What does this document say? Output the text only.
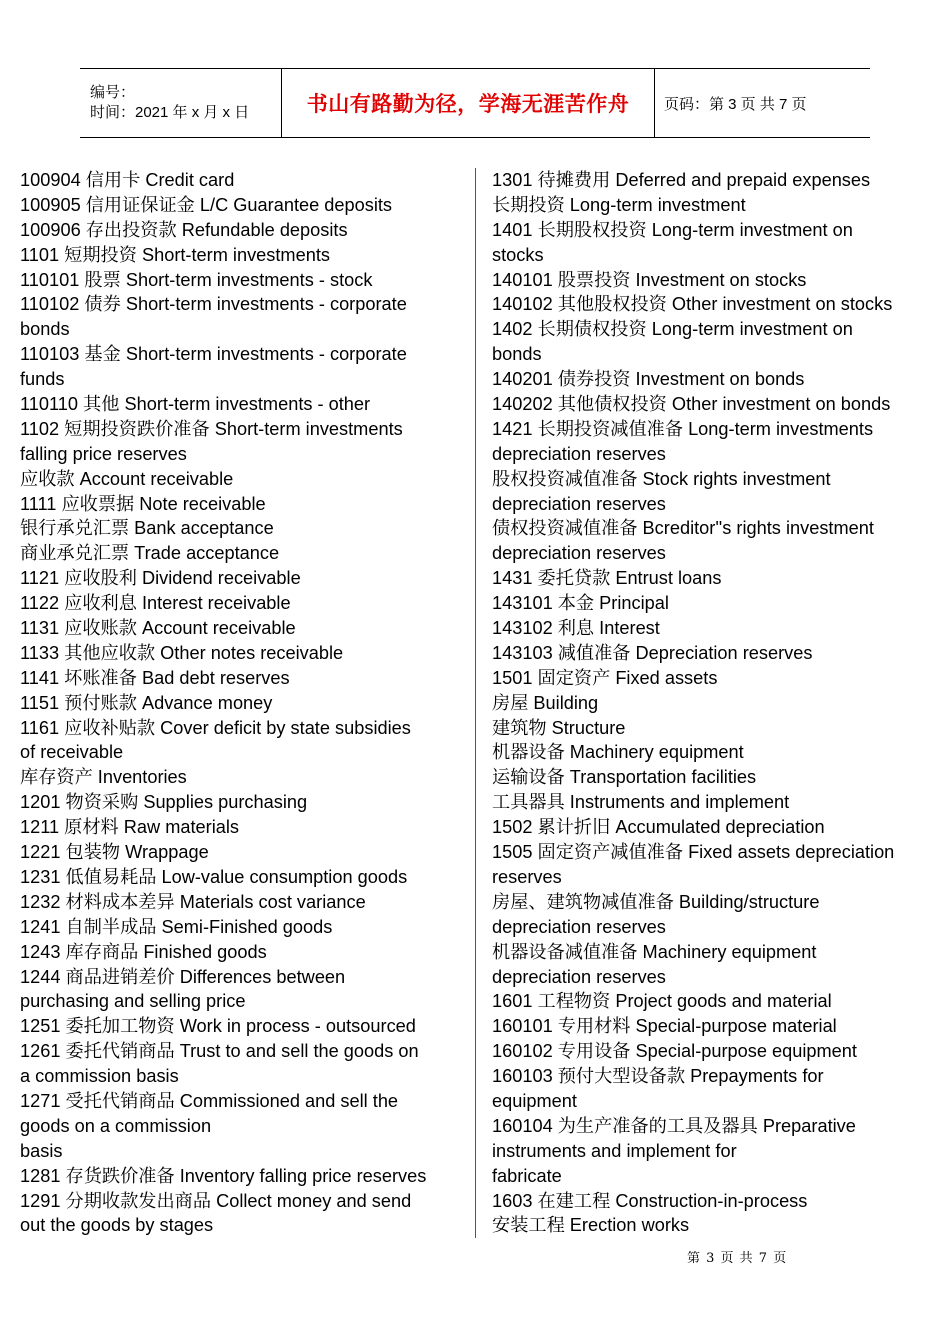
编号：
时间：2021 年 x 月 x 日	书山有路勤为径，学海无涯苦作舟 页码：第 3 页 共 7 页
100904 信用卡 Credit card
100905 信用证保证金 L/C Guarantee deposits
100906 存出投资款 Refundable deposits
1101 短期投资 Short-term investments
110101 股票 Short-term investments - stock
110102 债券 Short-term investments - corporate
bonds
110103 基金 Short-term investments - corporate
funds
110110 其他 Short-term investments - other
1102 短期投资跌价准备 Short-term investments
falling price reserves
应收款 Account receivable
1111 应收票据 Note receivable
银行承兑汇票 Bank acceptance
商业承兑汇票 Trade acceptance
1121 应收股利 Dividend receivable
1122 应收利息 Interest receivable
1131 应收账款 Account receivable
1133 其他应收款 Other notes receivable
1141 坏账准备 Bad debt reserves
1151 预付账款 Advance money
1161 应收补贴款 Cover deficit by state subsidies
of receivable
库存资产 Inventories
1201 物资采购 Supplies purchasing
1211 原材料 Raw materials
1221 包装物 Wrappage
1231 低值易耗品 Low-value consumption goods
1232 材料成本差异 Materials cost variance
1241 自制半成品 Semi-Finished goods
1243 库存商品 Finished goods
1244 商品进销差价 Differences between
purchasing and selling price
1251 委托加工物资 Work in process - outsourced
1261 委托代销商品 Trust to and sell the goods on
a commission basis
1271 受托代销商品 Commissioned and sell the
goods on a commission
basis
1281 存货跌价准备 Inventory falling price reserves
1291 分期收款发出商品 Collect money and send
out the goods by stages
1301 待摊费用 Deferred and prepaid expenses
长期投资 Long-term investment
1401 长期股权投资 Long-term investment on
stocks
140101 股票投资 Investment on stocks
140102 其他股权投资 Other investment on stocks
1402 长期债权投资 Long-term investment on
bonds
140201 债券投资 Investment on bonds
140202 其他债权投资 Other investment on bonds
1421 长期投资减值准备 Long-term investments
depreciation reserves
股权投资减值准备 Stock rights investment
depreciation reserves
债权投资减值准备 Bcreditor''s rights investment
depreciation reserves
1431 委托贷款 Entrust loans
143101 本金 Principal
143102 利息 Interest
143103 减值准备 Depreciation reserves
1501 固定资产 Fixed assets
房屋 Building
建筑物 Structure
机器设备 Machinery equipment
运输设备 Transportation facilities
工具器具 Instruments and implement
1502 累计折旧 Accumulated depreciation
1505 固定资产减值准备 Fixed assets depreciation
reserves
房屋、建筑物减值准备 Building/structure
depreciation reserves
机器设备减值准备 Machinery equipment
depreciation reserves
1601 工程物资 Project goods and material
160101 专用材料 Special-purpose material
160102 专用设备 Special-purpose equipment
160103 预付大型设备款 Prepayments for
equipment
160104 为生产准备的工具及器具 Preparative
instruments and implement for
fabricate
1603 在建工程 Construction-in-process
安装工程 Erection works
第 3 页 共 7 页
